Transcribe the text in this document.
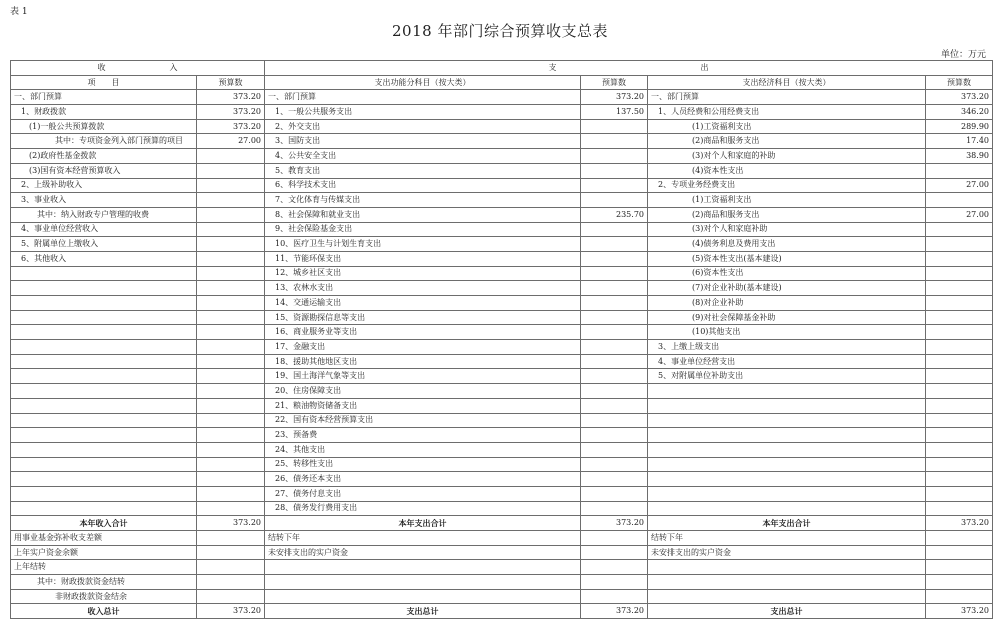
表 1
2018 年部门综合预算收支总表
单位：万元
收　　　　　　　　入		支　　　　　　　　　　　　　　　　　　出			
项　　目	预算数	支出功能分科目（按大类）	预算数	支出经济科目（按大类）	预算数
一、部门预算	373.20	一、部门预算	373.20	一、部门预算	373.20
1、财政拨款	373.20	1、一般公共服务支出	137.50	1、人员经费和公用经费支出	346.20
(1)一般公共预算拨款	373.20	2、外交支出		(1)工资福利支出	289.90
其中：专项资金列入部门预算的项目	27.00	3、国防支出		(2)商品和服务支出	17.40
(2)政府性基金拨款		4、公共安全支出		(3)对个人和家庭的补助	38.90
(3)国有资本经营预算收入		5、教育支出		(4)资本性支出	
2、上级补助收入		6、科学技术支出		2、专项业务经费支出	27.00
3、事业收入		7、文化体育与传媒支出		(1)工资福利支出	
其中：纳入财政专户管理的收费		8、社会保障和就业支出	235.70	(2)商品和服务支出	27.00
4、事业单位经营收入		9、社会保险基金支出		(3)对个人和家庭补助	
5、附属单位上缴收入		10、医疗卫生与计划生育支出		(4)债务利息及费用支出	
6、其他收入		11、节能环保支出		(5)资本性支出(基本建设)	
		12、城乡社区支出		(6)资本性支出	
		13、农林水支出		(7)对企业补助(基本建设)	
		14、交通运输支出		(8)对企业补助	
		15、资源勘探信息等支出		(9)对社会保障基金补助	
		16、商业服务业等支出		(10)其他支出	
		17、金融支出		3、上缴上级支出	
		18、援助其他地区支出		4、事业单位经营支出	
		19、国土海洋气象等支出		5、对附属单位补助支出	
		20、住房保障支出			
		21、粮油物资储备支出			
		22、国有资本经营预算支出			
		23、预备费			
		24、其他支出			
		25、转移性支出			
		26、债务还本支出			
		27、债务付息支出			
		28、债务发行费用支出			
本年收入合计	373.20	本年支出合计	373.20	本年支出合计	373.20
用事业基金弥补收支差额		结转下年		结转下年	
上年实户资金余额		未安排支出的实户资金		未安排支出的实户资金	
上年结转					
其中：财政拨款资金结转					
非财政拨款资金结余					
收入总计	373.20	支出总计	373.20	支出总计	373.20
